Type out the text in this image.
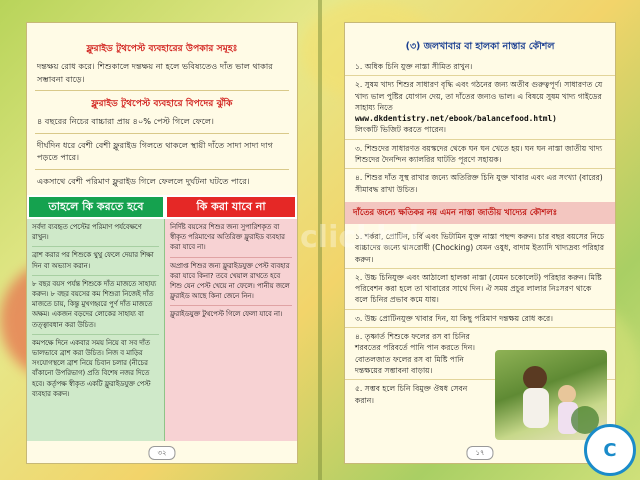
ফ্লুরাইড টুথপেস্ট ব্যবহারের উপকার সমূহঃ
দন্তক্ষয় রোধ করে। শিশুকালে দন্তক্ষয় না হলে ভবিষ্যতেও দাঁত ভাল থাকার সম্ভাবনা বাড়ে।
ফ্লুরাইড টুথপেস্ট ব্যবহারে বিপদের ঝুঁকি
৪ বছরের নিচের বাচ্চারা প্রায় ৪০% পেস্ট গিলে ফেলে।
দীর্ঘদিন ধরে বেশী বেশী ফ্লুরাইড গিলতে থাকলে স্থায়ী দাঁতে সাদা সাদা দাগ পড়তে পারে।
একসাথে বেশী পরিমাণ ফ্লুরাইড গিলে ফেললে দুর্ঘটনা ঘটতে পারে।
তাহলে কি করতে হবে	কি করা যাবে না
সর্বদা ব্যবহৃত পেস্টের পরিমাণ পর্যবেক্ষণে রাখুন।
ব্রাশ করার পর শিশুকে থুথু ফেলে দেয়ার শিক্ষা দিন বা অভ্যাস করান।
৮ বছর বয়স পর্যন্ত শিশুকে দাঁত মাজতে সাহায্য করুন। ৮ বছর বয়সের কম শিশুরা নিজেই দাঁত মাজতে চায়, কিন্তু মুখগহ্বরে পুর্ণ দাঁত মাজতে অক্ষম। একজন বড়দের লোকের সাহায্য বা তত্ত্বাবধান করা উচিত।
কমপক্ষে দিনে একবার সময় নিয়ে বা সব দাঁত ভালভাবে ব্রাশ করা উচিত। নিজ ব মাড়ির সংযোগস্থলে ব্রাশ নিয়ে চিবান চলার (নীচের বাঁকানো উপরিভাগ) প্রতি বিশেষ নজর দিতে হবে। কর্তৃপক্ষ স্বীকৃত একটি ফ্লুরাইডযুক্ত পেস্ট ব্যবহার করুন।
নির্দিষ্ট বয়সের শিশুর জন্য সুপারিশকৃত বা স্বীকৃত পরিমাণের অতিরিক্ত ফ্লুরাইড ব্যবহার করা যাবে না।
অপ্রাপ্ত শিশুর জন্য ফ্লুরাইডযুক্ত পেস্ট ব্যবহার করা যাবে কিনা? তবে খেয়াল রাখতে হবে শিশু যেন পেস্ট খেয়ে না ফেলে। পানীয় জলে ফ্লুরাইড আছে কিনা জেনে নিন।
ফ্লুরাইডযুক্ত টুথপেস্ট গিলে ফেলা যাবে না।
৩২
(৩) জলখাবার বা হালকা নাস্তার কৌশল
১. অধিক চিনি যুক্ত নাস্তা সীমিত রাখুন।
২. সুষম খাদ্য শিশুর সাধারণ বৃদ্ধি এবং গঠনের জন্য অতীব গুরুত্বপূর্ণ। সাধারণত যে খাদ্য ভাল পুষ্টির যোগান দেয়, তা দাঁতের জন্যও ভাল। এ বিষয়ে সুষম খাদ্য গাইডের সাহায্য নিতে
www.dkdentistry.net/ebook/balancefood.html)
লিংকটি ভিজিট করতে পারেন।
৩. শিশুদের সাধারণত বয়স্কদের থেকে ঘন ঘন খেতে হয়। ঘন ঘন নাস্তা জাতীয় খাদ্য শিশুদের দৈনন্দিন ক্যালরির ঘাটতি পূরণে সহায়ক।
৪. শিশুর দাঁত সুস্থ রাখার জন্যে অতিরিক্ত চিনি যুক্ত খাবার এবং এর সংখ্যা (বারের) সীমাবদ্ধ রাখা উচিত।
দাঁতের জন্যে ক্ষতিকর নয় এমন নাস্তা জাতীয় খাদ্যের কৌশলঃ
১. শর্করা, প্রোটিন, চর্বি এবং ভিটামিন যুক্ত নাস্তা পছন্দ করুন। চার বছর বয়সের নিচে বাচ্চাদের জন্যে শ্বাসরোধী (Chocking) যেমন ওষুধ, বাদাম ইত্যাদি খাদ্যদ্রব্য পরিহার করুন।
২. উচ্চ চিনিযুক্ত এবং আঠালো হালকা নাস্তা (যেমন চকোলেট) পরিহার করুন। মিষ্টি পরিবেশন করা হলে তা খাবারের সাথে দিন। ঐ সময় প্রচুর লালার নিঃসরণ থাকে বলে চিনির প্রভাব কমে যায়।
৩. উচ্চ প্রোটিনযুক্ত খাবার দিন, যা কিছু পরিমাণ দন্তক্ষয় রোধ করে।
৪. তৃষ্ণার্ত শিশুকে ফলের রস বা চিনির শরবতের পরিবর্তে পানি পান করতে দিন। বোতলজাত ফলের রস বা মিষ্টি পানি দন্তক্ষয়ের সম্ভাবনা বাড়ায়।
৫. সম্ভব হলে চিনি বিমুক্ত ঔষধ সেবন করান।
১৭
clickbd
C
